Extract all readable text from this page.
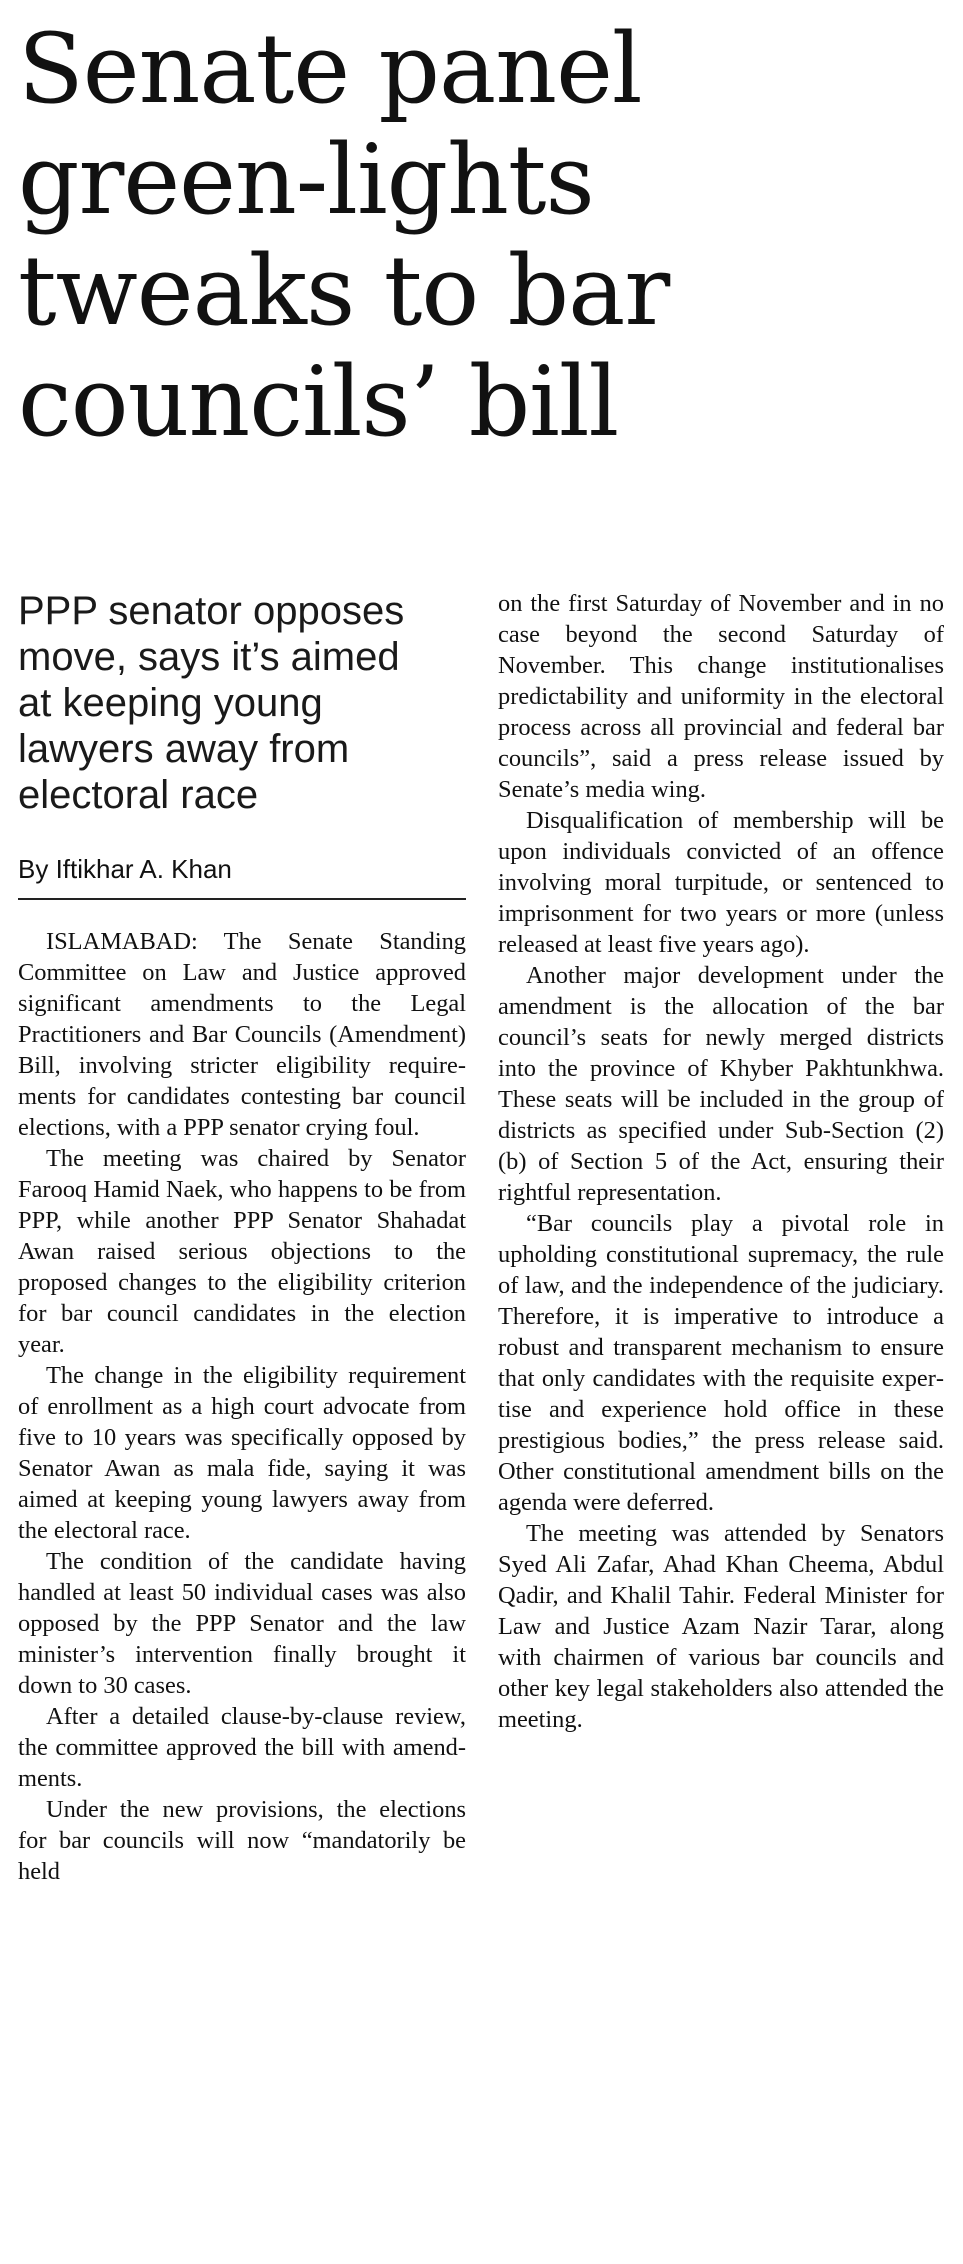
Senate panel
green-lights
tweaks to bar
councils’ bill
PPP senator opposes
move, says it’s aimed
at keeping young
lawyers away from
electoral race
By Iftikhar A. Khan

ISLAMABAD: The Senate Standing Committee on Law and Justice approved significant amendments to the Legal Practitioners and Bar Councils (Amendment) Bill, involving stricter eligibility requirements for candidates contesting bar council elections, with a PPP senator crying foul.

The meeting was chaired by Senator Farooq Hamid Naek, who happens to be from PPP, while another PPP Senator Shahadat Awan raised serious objections to the proposed changes to the eligibility criterion for bar council candidates in the election year.

The change in the eligibility requirement of enrollment as a high court advocate from five to 10 years was specifically opposed by Senator Awan as mala fide, saying it was aimed at keeping young lawyers away from the electoral race.

The condition of the candidate having handled at least 50 individual cases was also opposed by the PPP Senator and the law minister’s intervention finally brought it down to 30 cases.

After a detailed clause-by-clause review, the committee approved the bill with amendments.

Under the new provisions, the elections for bar councils will now “mandatorily be held

on the first Saturday of November and in no case beyond the second Saturday of November. This change institutionalises predictability and uniformity in the electoral process across all provincial and federal bar councils”, said a press release issued by Senate’s media wing.

Disqualification of membership will be upon individuals convicted of an offence involving moral turpitude, or sentenced to imprisonment for two years or more (unless released at least five years ago).

Another major development under the amendment is the allocation of the bar council’s seats for newly merged districts into the province of Khyber Pakhtunkhwa. These seats will be included in the group of districts as specified under Sub-Section (2)(b) of Section 5 of the Act, ensuring their rightful representation.

“Bar councils play a pivotal role in upholding constitutional supremacy, the rule of law, and the independence of the judiciary. Therefore, it is imperative to introduce a robust and transparent mechanism to ensure that only candidates with the requisite expertise and experience hold office in these prestigious bodies,” the press release said. Other constitutional amendment bills on the agenda were deferred.

The meeting was attended by Senators Syed Ali Zafar, Ahad Khan Cheema, Abdul Qadir, and Khalil Tahir. Federal Minister for Law and Justice Azam Nazir Tarar, along with chairmen of various bar councils and other key legal stakeholders also attended the meeting.
